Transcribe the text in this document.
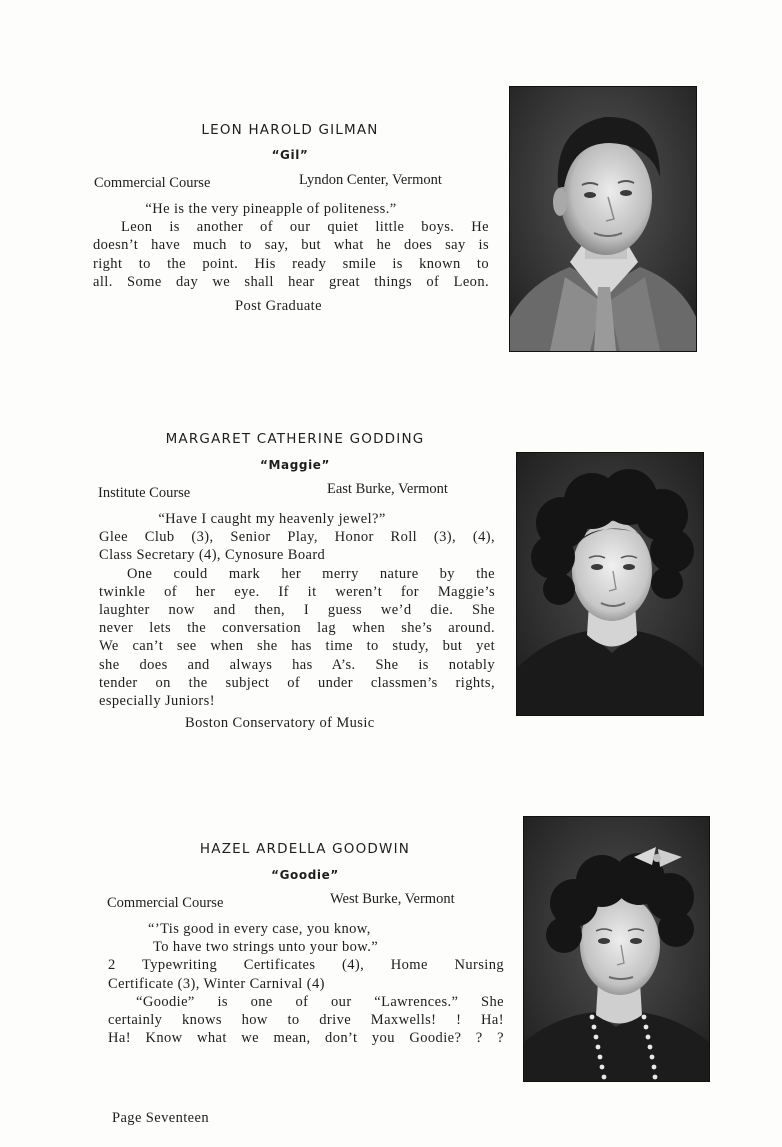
LEON HAROLD GILMAN
“Gil”
Commercial Course	Lyndon Center, Vermont
“He is the very pineapple of politeness.”
Leon is another of our quiet little boys. He
doesn’t have much to say, but what he does say is
right to the point. His ready smile is known to
all. Some day we shall hear great things of Leon.
Post Graduate
MARGARET CATHERINE GODDING
“Maggie”
Institute Course	East Burke, Vermont
“Have I caught my heavenly jewel?”
Glee Club (3), Senior Play, Honor Roll (3), (4),
Class Secretary (4), Cynosure Board
One could mark her merry nature by the
twinkle of her eye. If it weren’t for Maggie’s
laughter now and then, I guess we’d die. She
never lets the conversation lag when she’s around.
We can’t see when she has time to study, but yet
she does and always has A’s. She is notably
tender on the subject of under classmen’s rights,
especially Juniors!
Boston Conservatory of Music
HAZEL ARDELLA GOODWIN
“Goodie”
Commercial Course	West Burke, Vermont
“’Tis good in every case, you know,
To have two strings unto your bow.”
2 Typewriting Certificates (4), Home Nursing
Certificate (3), Winter Carnival (4)
“Goodie” is one of our “Lawrences.” She
certainly knows how to drive Maxwells! ! Ha!
Ha! Know what we mean, don’t you Goodie? ? ?
Page Seventeen
